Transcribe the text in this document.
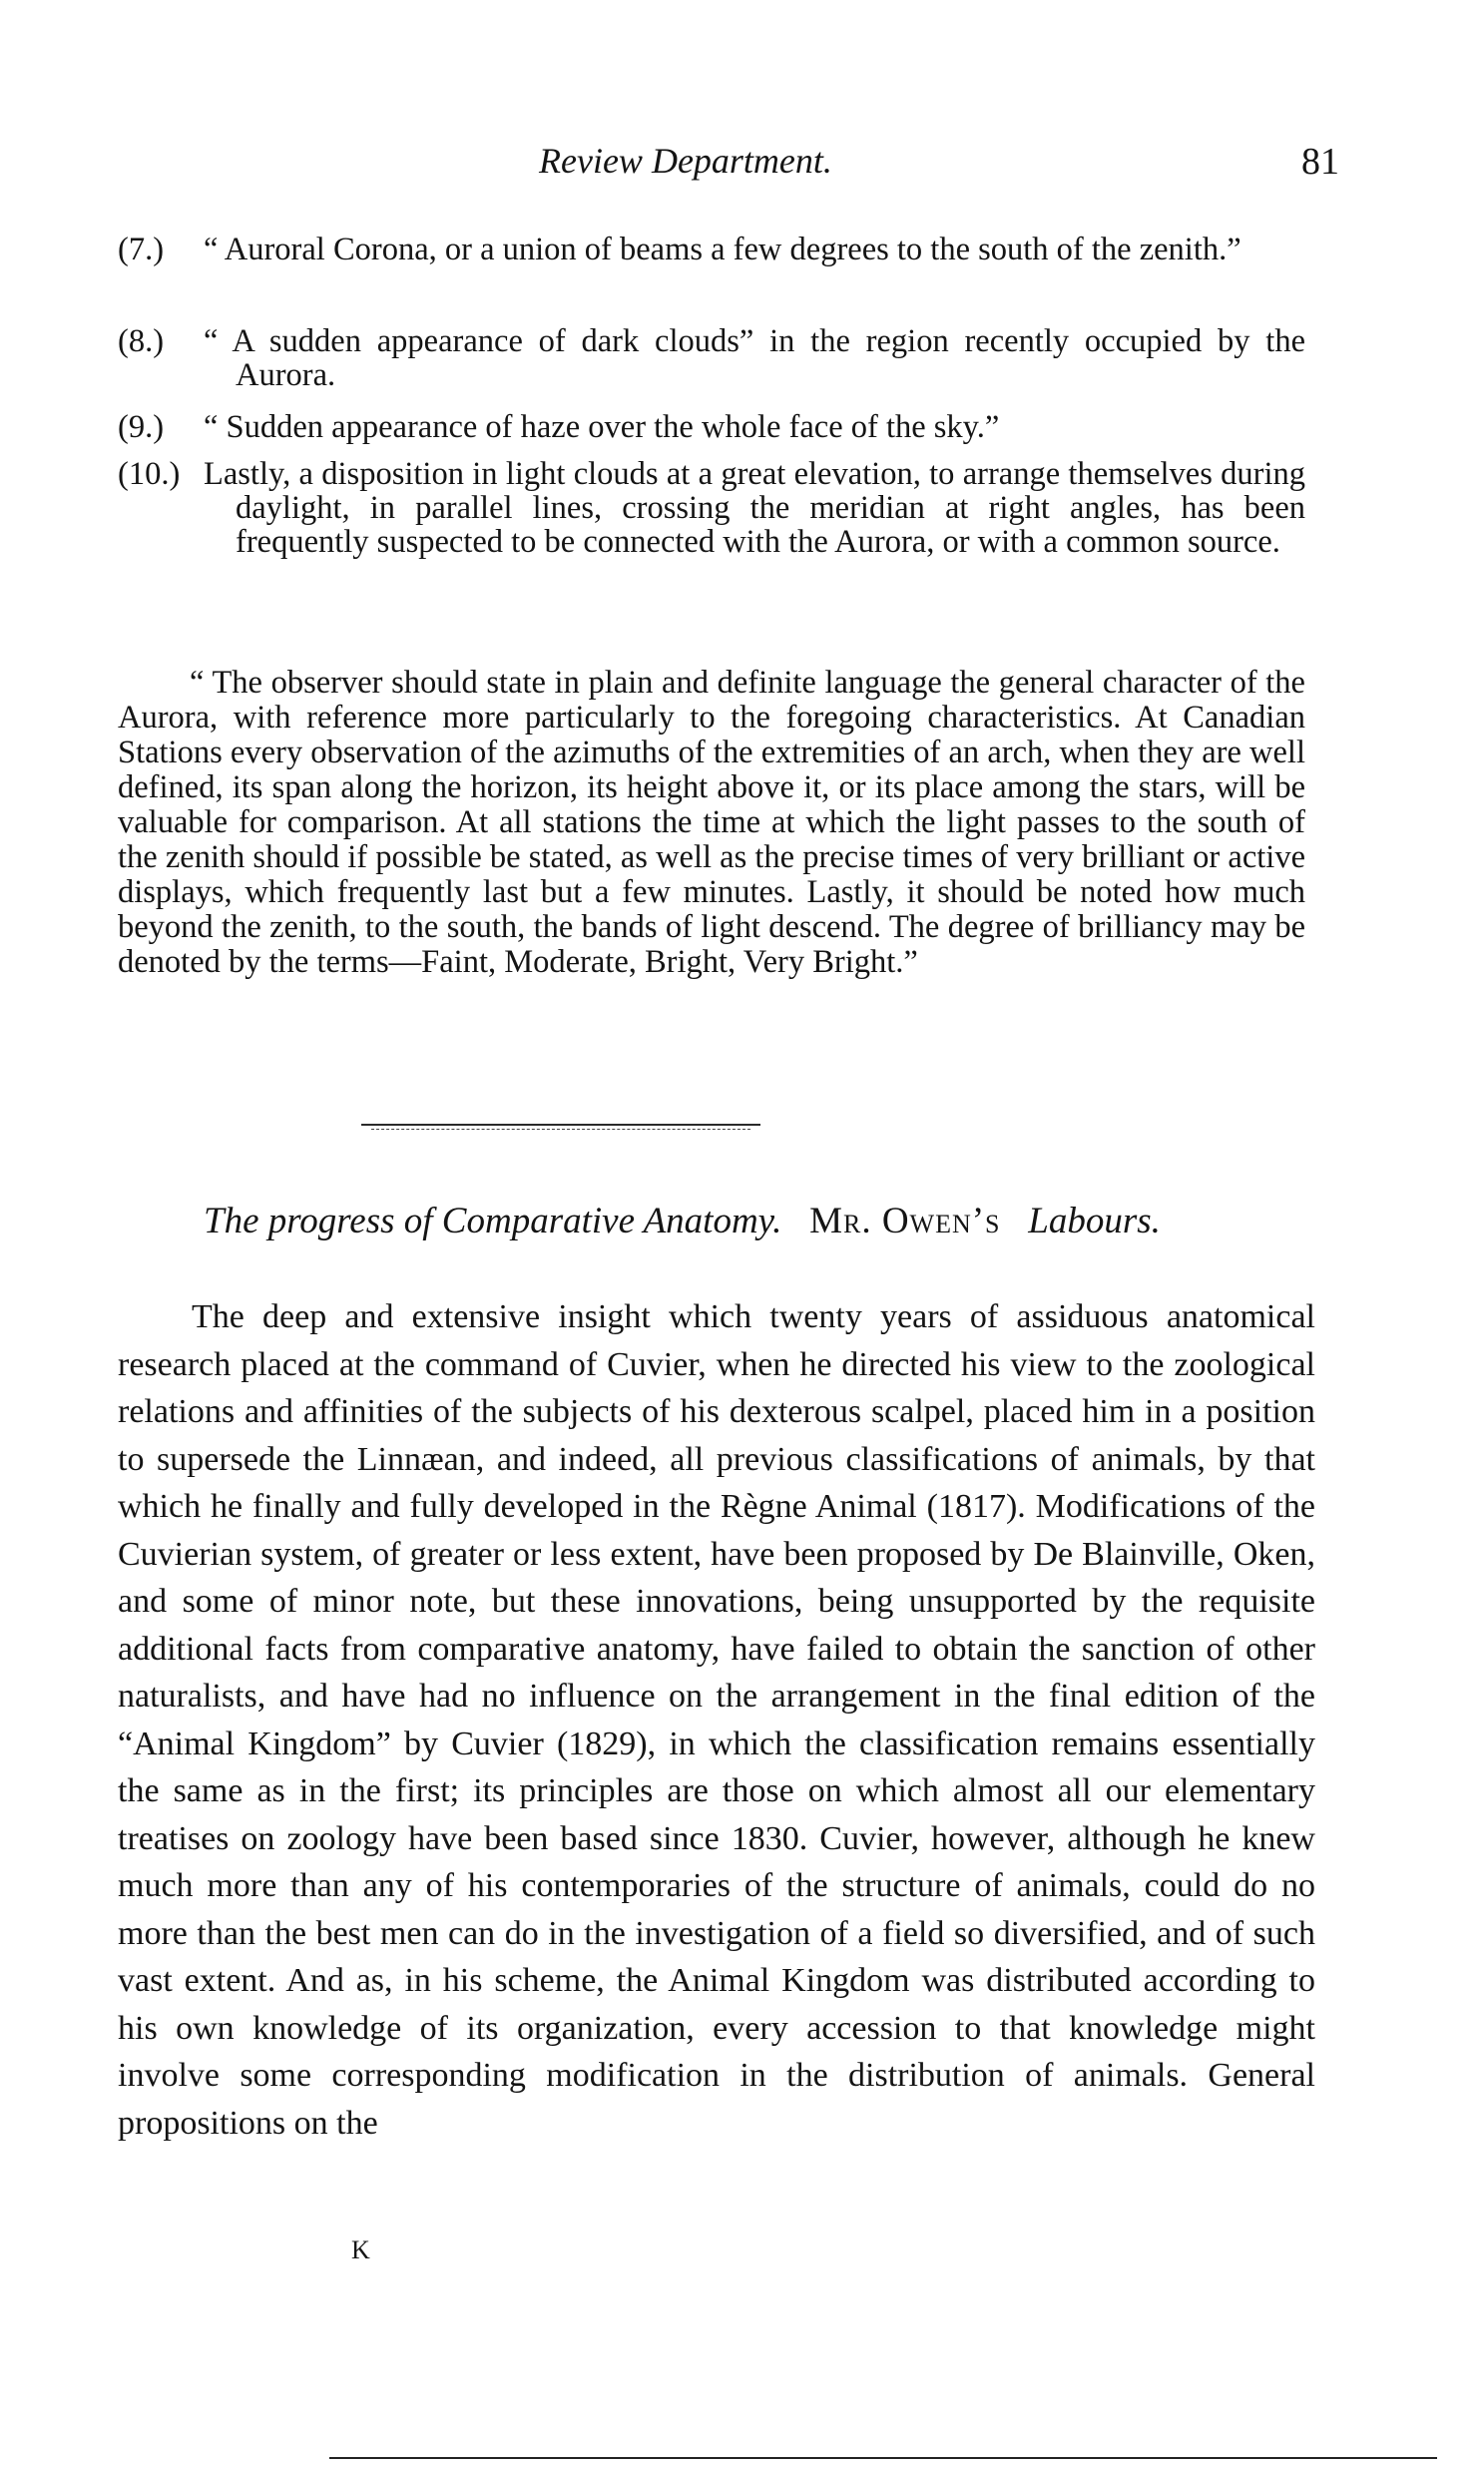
Review Department.	81
(7.)	“ Auroral Corona, or a union of beams a few degrees to the south of the zenith.”
(8.)	“ A sudden appearance of dark clouds” in the region recently occupied by the Aurora.
(9.)	“ Sudden appearance of haze over the whole face of the sky.”
(10.) Lastly, a disposition in light clouds at a great elevation, to arrange themselves during daylight, in parallel lines, crossing the meridian at right angles, has been frequently suspected to be connected with the Aurora, or with a common source.

“ The observer should state in plain and definite language the general character of the Aurora, with reference more particularly to the foregoing characteristics. At Canadian Stations every observation of the azimuths of the extremities of an arch, when they are well defined, its span along the horizon, its height above it, or its place among the stars, will be valuable for comparison. At all stations the time at which the light passes to the south of the zenith should if possible be stated, as well as the precise times of very brilliant or active displays, which frequently last but a few minutes. Lastly, it should be noted how much beyond the zenith, to the south, the bands of light descend. The degree of brilliancy may be denoted by the terms—Faint, Moderate, Bright, Very Bright.”

The progress of Comparative Anatomy. Mr. Owen’s Labours.

The deep and extensive insight which twenty years of assiduous anatomical research placed at the command of Cuvier, when he directed his view to the zoological relations and affinities of the subjects of his dexterous scalpel, placed him in a position to supersede the Linnæan, and indeed, all previous classifications of animals, by that which he finally and fully developed in the Règne Animal (1817). Modifications of the Cuvierian system, of greater or less extent, have been proposed by De Blainville, Oken, and some of minor note, but these innovations, being unsupported by the requisite additional facts from comparative anatomy, have failed to obtain the sanction of other naturalists, and have had no influence on the arrangement in the final edition of the “Animal Kingdom” by Cuvier (1829), in which the classification remains essentially the same as in the first; its principles are those on which almost all our elementary treatises on zoology have been based since 1830. Cuvier, however, although he knew much more than any of his contemporaries of the structure of animals, could do no more than the best men can do in the investigation of a field so diversified, and of such vast extent. And as, in his scheme, the Animal Kingdom was distributed according to his own knowledge of its organization, every accession to that knowledge might involve some corresponding modification in the distribution of animals. General propositions on the

K
